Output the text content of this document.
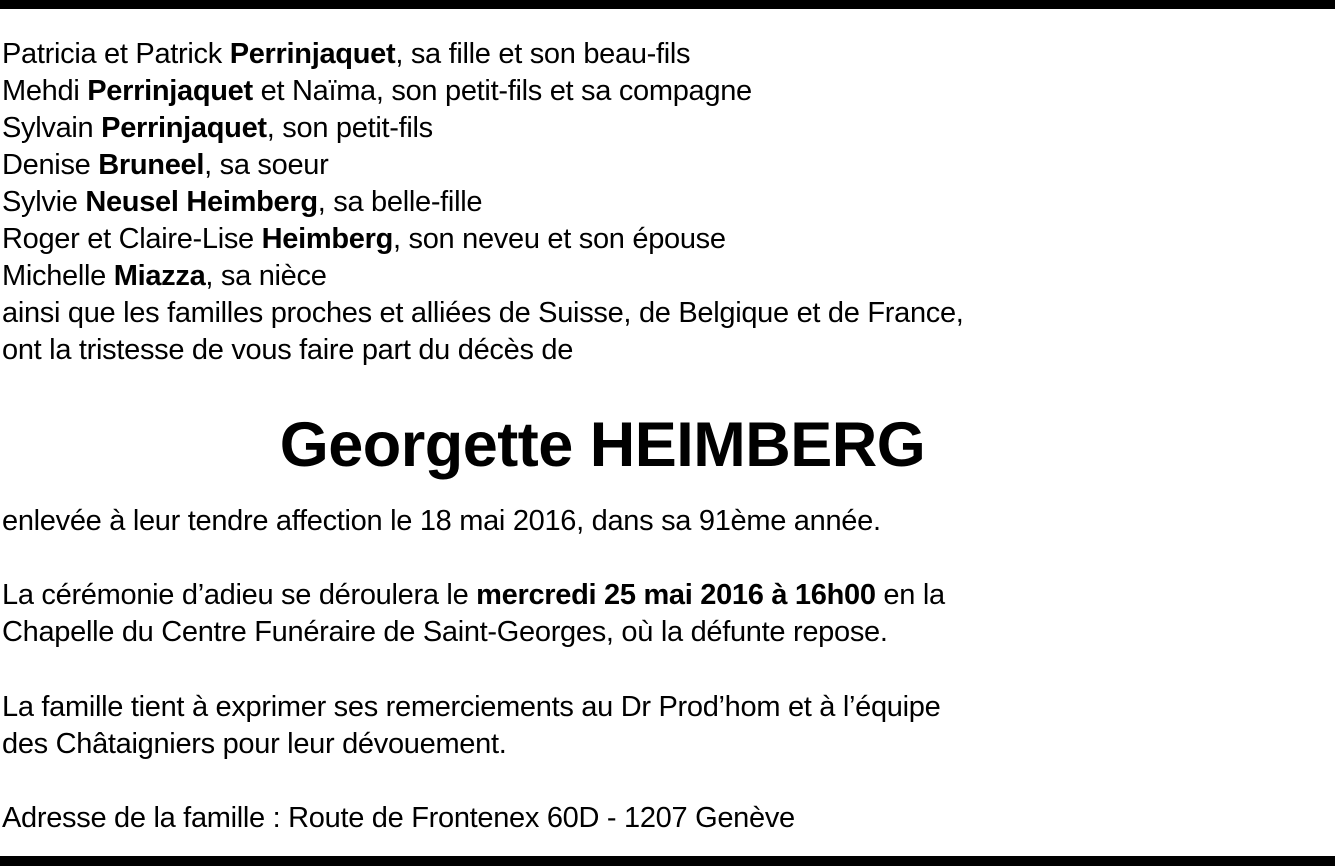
Patricia et Patrick Perrinjaquet, sa fille et son beau-fils
Mehdi Perrinjaquet et Naïma, son petit-fils et sa compagne
Sylvain Perrinjaquet, son petit-fils
Denise Bruneel, sa soeur
Sylvie Neusel Heimberg, sa belle-fille
Roger et Claire-Lise Heimberg, son neveu et son épouse
Michelle Miazza, sa nièce
ainsi que les familles proches et alliées de Suisse, de Belgique et de France,
ont la tristesse de vous faire part du décès de
Georgette HEIMBERG
enlevée à leur tendre affection le 18 mai 2016, dans sa 91ème année.
La cérémonie d’adieu se déroulera le mercredi 25 mai 2016 à 16h00 en la
Chapelle du Centre Funéraire de Saint-Georges, où la défunte repose.
La famille tient à exprimer ses remerciements au Dr Prod’hom et à l’équipe
des Châtaigniers pour leur dévouement.
Adresse de la famille : Route de Frontenex 60D - 1207 Genève
